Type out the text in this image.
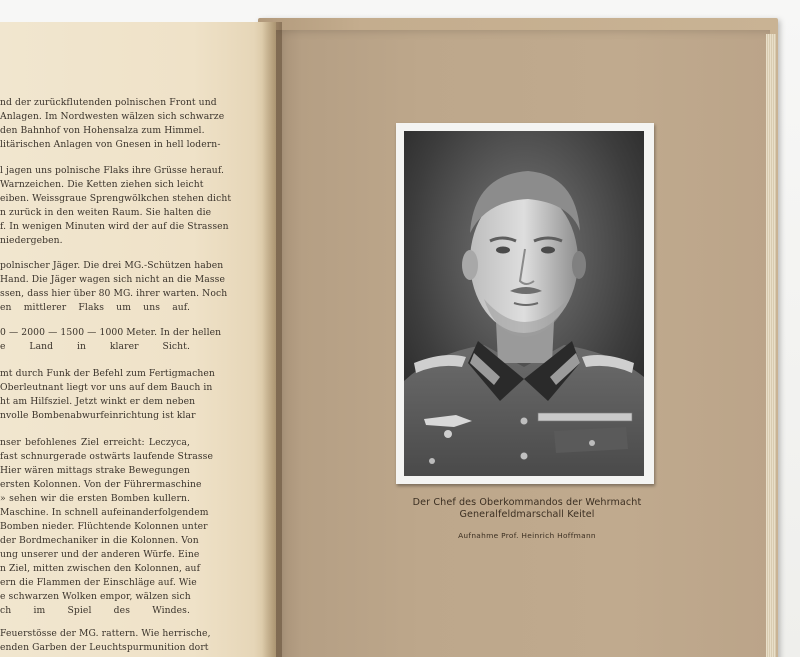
nd der zurückflutenden polnischen Front und
Anlagen. Im Nordwesten wälzen sich schwarze
den Bahnhof von Hohensalza zum Himmel.
litärischen Anlagen von Gnesen in hell lodern-
l jagen uns polnische Flaks ihre Grüsse herauf.
Warnzeichen. Die Ketten ziehen sich leicht
eiben. Weissgraue Sprengwölkchen stehen dicht
n zurück in den weiten Raum. Sie halten die
f. In wenigen Minuten wird der auf die Strassen
niedergeben.
polnischer Jäger. Die drei MG.-Schützen haben
Hand. Die Jäger wagen sich nicht an die Masse
ssen, dass hier über 80 MG. ihrer warten. Noch
en mittlerer Flaks um uns auf.
0 — 2000 — 1500 — 1000 Meter. In der hellen
e Land in klarer Sicht.
mt durch Funk der Befehl zum Fertigmachen
Oberleutnant liegt vor uns auf dem Bauch in
ht am Hilfsziel. Jetzt winkt er dem neben
nvolle Bombenabwurfeinrichtung ist klar
nser befohlenes Ziel erreicht: Leczyca,
fast schnurgerade ostwärts laufende Strasse
Hier wären mittags strake Bewegungen
ersten Kolonnen. Von der Führermaschine
» sehen wir die ersten Bomben kullern.
Maschine. In schnell aufeinanderfolgendem
Bomben nieder. Flüchtende Kolonnen unter
der Bordmechaniker in die Kolonnen. Von
ung unserer und der anderen Würfe. Eine
n Ziel, mitten zwischen den Kolonnen, auf
ern die Flammen der Einschläge auf. Wie
e schwarzen Wolken empor, wälzen sich
ch im Spiel des Windes.
Feuerstösse der MG. rattern. Wie herrische,
enden Garben der Leuchtspurmunition dort
Der Chef des Oberkommandos der Wehrmacht
Generalfeldmarschall Keitel
Aufnahme Prof. Heinrich Hoffmann
